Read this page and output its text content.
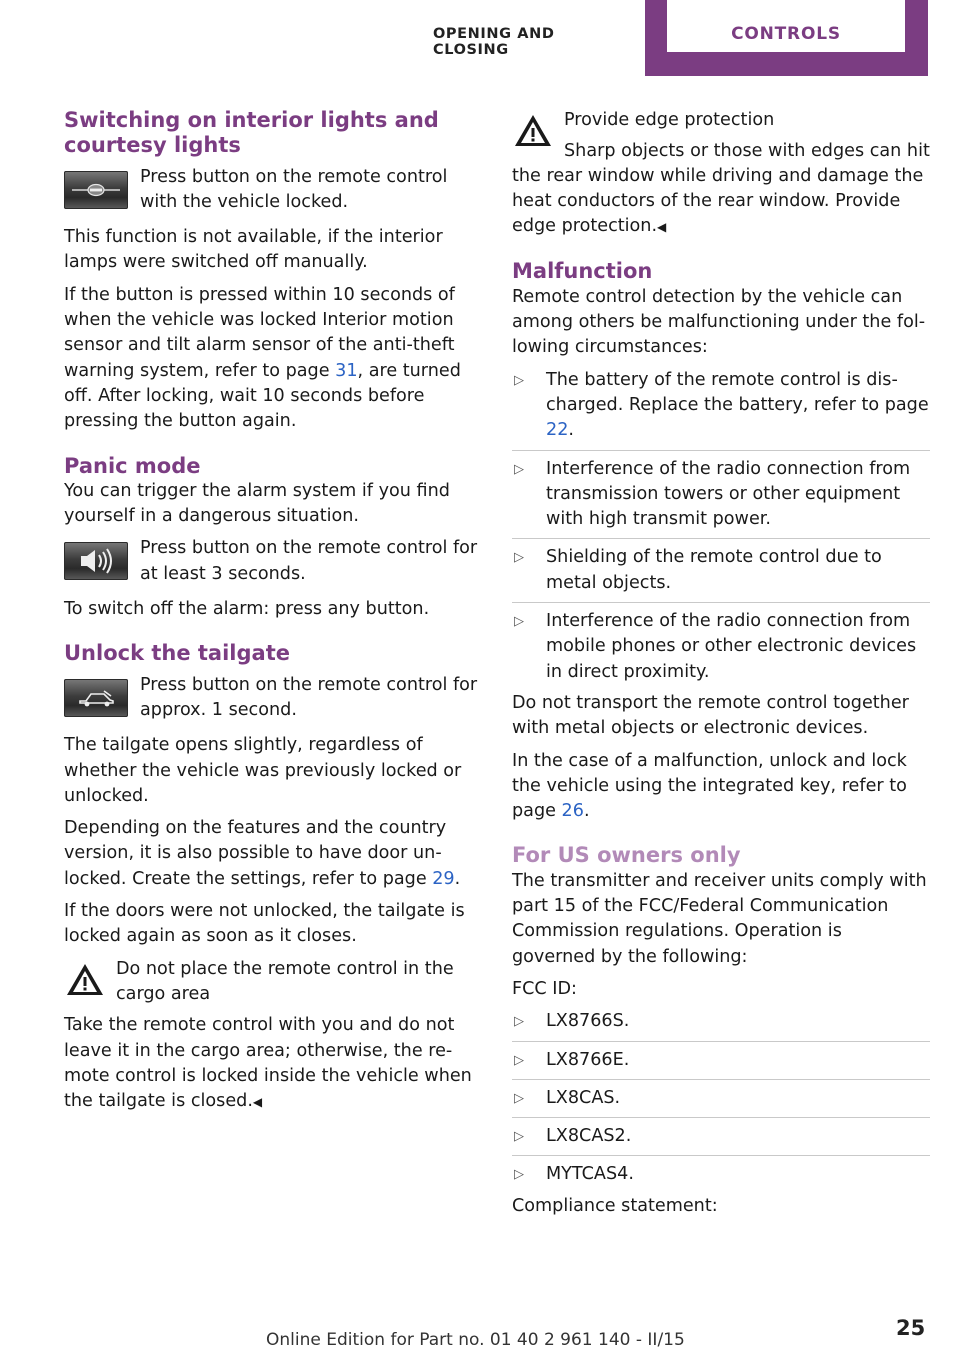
OPENING AND CLOSING
CONTROLS
Switching on interior lights and courtesy lights

Press button on the remote control with the vehicle locked.

This function is not available, if the interior lamps were switched off manually.

If the button is pressed within 10 seconds of when the vehicle was locked Interior motion sensor and tilt alarm sensor of the anti-theft warning system, refer to page 31, are turned off. After locking, wait 10 seconds before pressing the button again.

Panic mode

You can trigger the alarm system if you find yourself in a dangerous situation.

Press button on the remote control for at least 3 seconds.

To switch off the alarm: press any button.

Unlock the tailgate

Press button on the remote control for approx. 1 second.

The tailgate opens slightly, regardless of whether the vehicle was previously locked or unlocked.

Depending on the features and the country version, it is also possible to have door unlocked. Create the settings, refer to page 29.

If the doors were not unlocked, the tailgate is locked again as soon as it closes.

Do not place the remote control in the cargo area

Take the remote control with you and do not leave it in the cargo area; otherwise, the remote control is locked inside the vehicle when the tailgate is closed.◀

Provide edge protection

Sharp objects or those with edges can hit

the rear window while driving and damage the heat conductors of the rear window. Provide edge protection.◀

Malfunction

Remote control detection by the vehicle can among others be malfunctioning under the following circumstances:

▷ The battery of the remote control is discharged. Replace the battery, refer to page 22.

▷ Interference of the radio connection from transmission towers or other equipment with high transmit power.

▷ Shielding of the remote control due to metal objects.

▷ Interference of the radio connection from mobile phones or other electronic devices in direct proximity.

Do not transport the remote control together with metal objects or electronic devices.

In the case of a malfunction, unlock and lock the vehicle using the integrated key, refer to page 26.

For US owners only

The transmitter and receiver units comply with part 15 of the FCC/Federal Communication Commission regulations. Operation is governed by the following:

FCC ID:

▷ LX8766S.

▷ LX8766E.

▷ LX8CAS.

▷ LX8CAS2.

▷ MYTCAS4.

Compliance statement:

Online Edition for Part no. 01 40 2 961 140 - II/15	25
